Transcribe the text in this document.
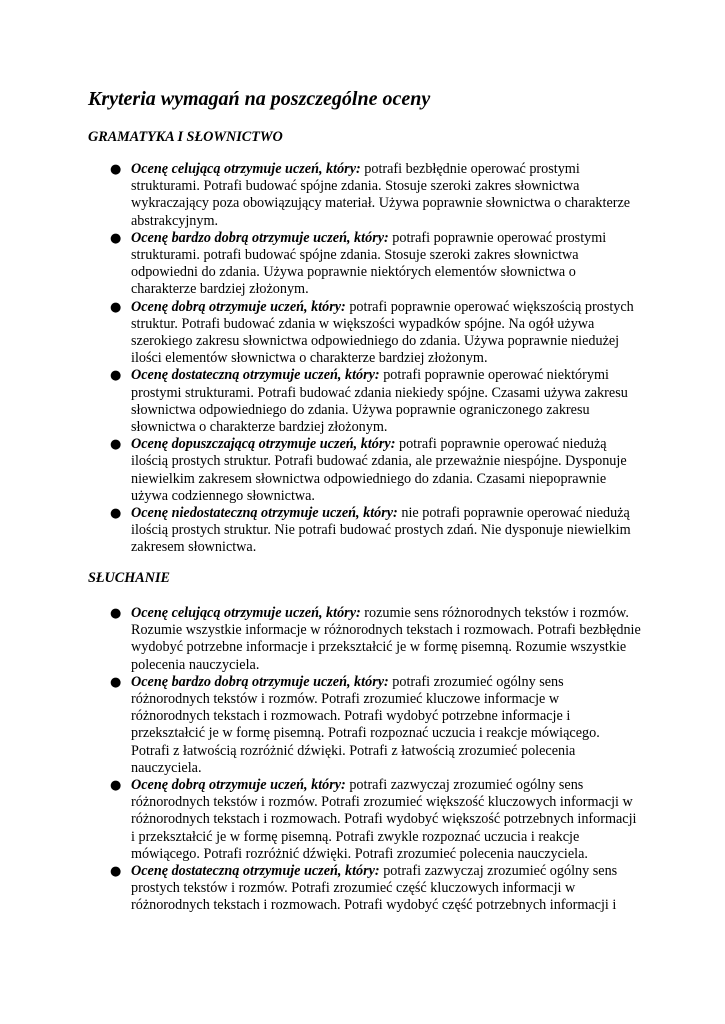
Kryteria wymagań na poszczególne oceny
GRAMATYKA I SŁOWNICTWO
● Ocenę celującą otrzymuje uczeń, który: potrafi bezbłędnie operować prostymi strukturami. Potrafi budować spójne zdania. Stosuje szeroki zakres słownictwa wykraczający poza obowiązujący materiał. Używa poprawnie słownictwa o charakterze abstrakcyjnym.

● Ocenę bardzo dobrą otrzymuje uczeń, który: potrafi poprawnie operować prostymi strukturami. potrafi budować spójne zdania. Stosuje szeroki zakres słownictwa odpowiedni do zdania. Używa poprawnie niektórych elementów słownictwa o charakterze bardziej złożonym.

● Ocenę dobrą otrzymuje uczeń, który: potrafi poprawnie operować większością prostych struktur. Potrafi budować zdania w większości wypadków spójne. Na ogół używa szerokiego zakresu słownictwa odpowiedniego do zdania. Używa poprawnie niedużej ilości elementów słownictwa o charakterze bardziej złożonym.

● Ocenę dostateczną otrzymuje uczeń, który: potrafi poprawnie operować niektórymi prostymi strukturami. Potrafi budować zdania niekiedy spójne. Czasami używa zakresu słownictwa odpowiedniego do zdania. Używa poprawnie ograniczonego zakresu słownictwa o charakterze bardziej złożonym.

● Ocenę dopuszczającą otrzymuje uczeń, który: potrafi poprawnie operować niedużą ilością prostych struktur. Potrafi budować zdania, ale przeważnie niespójne. Dysponuje niewielkim zakresem słownictwa odpowiedniego do zdania. Czasami niepoprawnie używa codziennego słownictwa.

● Ocenę niedostateczną otrzymuje uczeń, który: nie potrafi poprawnie operować niedużą ilością prostych struktur. Nie potrafi budować prostych zdań. Nie dysponuje niewielkim zakresem słownictwa.

SŁUCHANIE
● Ocenę celującą otrzymuje uczeń, który: rozumie sens różnorodnych tekstów i rozmów. Rozumie wszystkie informacje w różnorodnych tekstach i rozmowach. Potrafi bezbłędnie wydobyć potrzebne informacje i przekształcić je w formę pisemną. Rozumie wszystkie polecenia nauczyciela.

● Ocenę bardzo dobrą otrzymuje uczeń, który: potrafi zrozumieć ogólny sens różnorodnych tekstów i rozmów. Potrafi zrozumieć kluczowe informacje w różnorodnych tekstach i rozmowach. Potrafi wydobyć potrzebne informacje i przekształcić je w formę pisemną. Potrafi rozpoznać uczucia i reakcje mówiącego. Potrafi z łatwością rozróżnić dźwięki. Potrafi z łatwością zrozumieć polecenia nauczyciela.

● Ocenę dobrą otrzymuje uczeń, który: potrafi zazwyczaj zrozumieć ogólny sens różnorodnych tekstów i rozmów. Potrafi zrozumieć większość kluczowych informacji w różnorodnych tekstach i rozmowach. Potrafi wydobyć większość potrzebnych informacji i przekształcić je w formę pisemną. Potrafi zwykle rozpoznać uczucia i reakcje mówiącego. Potrafi rozróżnić dźwięki. Potrafi zrozumieć polecenia nauczyciela.

● Ocenę dostateczną otrzymuje uczeń, który: potrafi zazwyczaj zrozumieć ogólny sens prostych tekstów i rozmów. Potrafi zrozumieć część kluczowych informacji w różnorodnych tekstach i rozmowach. Potrafi wydobyć część potrzebnych informacji i
